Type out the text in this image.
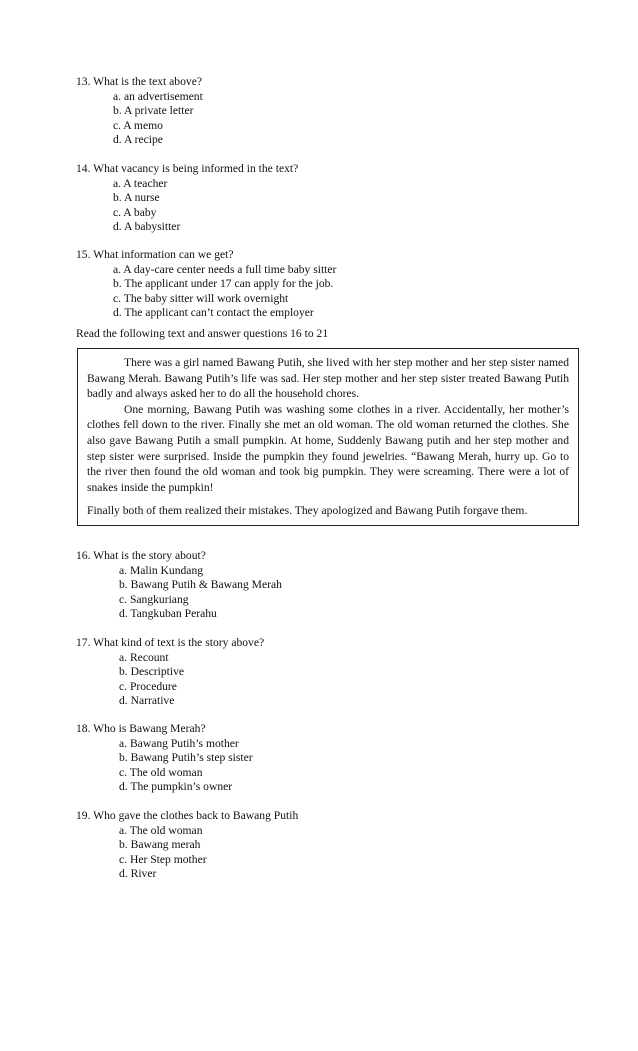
13. What is the text above?
a. an advertisement
b. A private letter
c. A memo
d. A recipe
14. What vacancy is being informed in the text?
a. A teacher
b. A nurse
c. A baby
d. A babysitter
15. What information can we get?
a. A day-care center needs a full time baby sitter
b. The applicant under 17 can apply for the job.
c. The baby sitter will work overnight
d. The applicant can’t contact the employer
Read the following text and answer questions 16 to 21

There was a girl named Bawang Putih, she lived with her step mother and her step sister named Bawang Merah. Bawang Putih’s life was sad. Her step mother and her step sister treated Bawang Putih badly and always asked her to do all the household chores.

One morning, Bawang Putih was washing some clothes in a river. Accidentally, her mother’s clothes fell down to the river. Finally she met an old woman. The old woman returned the clothes. She also gave Bawang Putih a small pumpkin. At home, Suddenly Bawang putih and her step mother and step sister were surprised. Inside the pumpkin they found jewelries. “Bawang Merah, hurry up. Go to the river then found the old woman and took big pumpkin. They were screaming. There were a lot of snakes inside the pumpkin!

Finally both of them realized their mistakes. They apologized and Bawang Putih forgave them.

16. What is the story about?
a. Malin Kundang
b. Bawang Putih & Bawang Merah
c. Sangkuriang
d. Tangkuban Perahu
17. What kind of text is the story above?
a. Recount
b. Descriptive
c. Procedure
d. Narrative
18. Who is Bawang Merah?
a. Bawang Putih’s mother
b. Bawang Putih’s step sister
c. The old woman
d. The pumpkin’s owner
19. Who gave the clothes back to Bawang Putih
a. The old woman
b. Bawang merah
c. Her Step mother
d. River
